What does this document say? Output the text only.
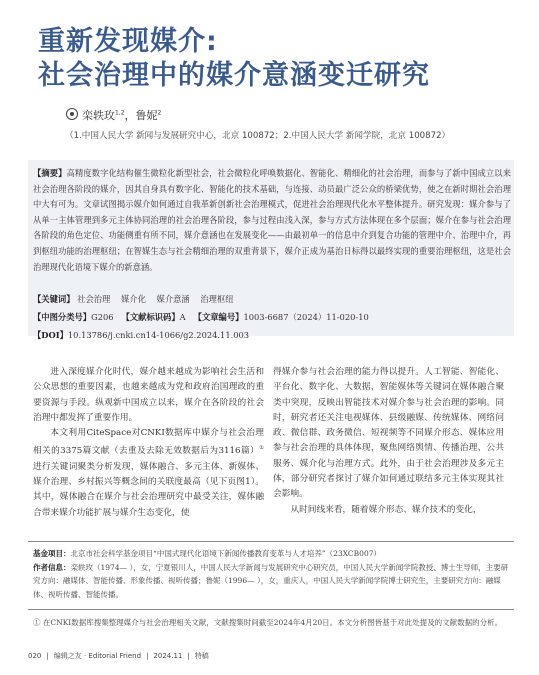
重新发现媒介:
社会治理中的媒介意涵变迁研究
栾轶玫$^{1,2}$，鲁妮$^2$
（1.中国人民大学 新闻与发展研究中心，北京 100872；2.中国人民大学 新闻学院，北京 100872）
【摘要】高精度数字化结构催生微粒化新型社会，社会微粒化呼唤数据化、智能化、精细化的社会治理，而参与了新中国成立以来社会治理各阶段的媒介，因其自身具有数字化、智能化的技术基础，与连接、动员最广泛公众的桥梁优势，使之在新时期社会治理中大有可为。文章试图揭示媒介如何通过自我革新创新社会治理模式，促进社会治理现代化水平整体提升。研究发现：媒介参与了从单一主体管理到多元主体协同治理的社会治理各阶段，参与过程由浅入深，参与方式方法体现在多个层面；媒介在参与社会治理各阶段的角色定位、功能侧重有所不同，媒介意涵也在发展变化——由最初单一的信息中介到复合功能的管理中介、治理中介，再到枢纽功能的治理枢纽；在智媒生态与社会精细治理的双重背景下，媒介正成为基治日标得以最终实现的重要治理枢纽，这是社会治理现代化语境下媒介的新意涵。
【关键词】 社会治理 媒介化 媒介意涵 治理枢纽
【中图分类号】G206 【文献标识码】A 【文章编号】1003-6687（2024）11-020-10
【DOI】10.13786/j.cnki.cn14-1066/g2.2024.11.003

进入深度媒介化时代，媒介越来越成为影响社会生活和公众思想的重要因素，也越来越成为党和政府治国理政的重要资源与手段。纵观新中国成立以来，媒介在各阶段的社会治理中都发挥了重要作用。

本文利用CiteSpace对CNKI数据库中媒介与社会治理相关的3375篇文献（去重及去除无效数据后为3116篇）①进行关键词聚类分析发现，媒体融合、多元主体、新媒体、媒介治理、乡村振兴等概念间的关联度最高（见下页图1）。其中，媒体融合在媒介与社会治理研究中最受关注，媒体融合带来媒介功能扩展与媒介生态变化，使

得媒介参与社会治理的能力得以提升。人工智能、智能化、平台化、数字化、大数据，智能媒体等关键词在媒体融合聚类中突现，反映出智能技术对媒介参与社会治理的影响。同时，研究者还关注电视媒体、县级融媒、传统媒体、网络问政、微信群、政务微信、短视频等不同媒介形态、媒体应用参与社会治理的具体体现，聚焦网络舆情、传播治理、公共服务、媒介化与治理方式。此外，由于社会治理涉及多元主体，部分研究者探讨了媒介如何通过联结多元主体实现其社会影响。

从时间线来看，随着媒介形态、媒介技术的变化，

基金项目：北京市社会科学基金项目“中国式现代化语境下新闻传播教育变革与人才培养”（23XCB007）
作者信息：栾轶玫（1974— ），女，宁夏银川人，中国人民大学新闻与发展研究中心研究员，中国人民大学新闻学院教授、博士生导师，主要研究方向：融媒体、智能传播、形象传播、视听传播；鲁妮（1996— ），女，重庆人，中国人民大学新闻学院博士研究生，主要研究方向：融媒体、视听传播、智能传播。
① 在CNKI数据库搜集整理媒介与社会治理相关文献，文献搜集时间截至2024年4月20日。本文分析图皆基于对此处提及的文献数据的分析。
020 | 编辑之友 · Editorial Friend | 2024.11 | 特稿
